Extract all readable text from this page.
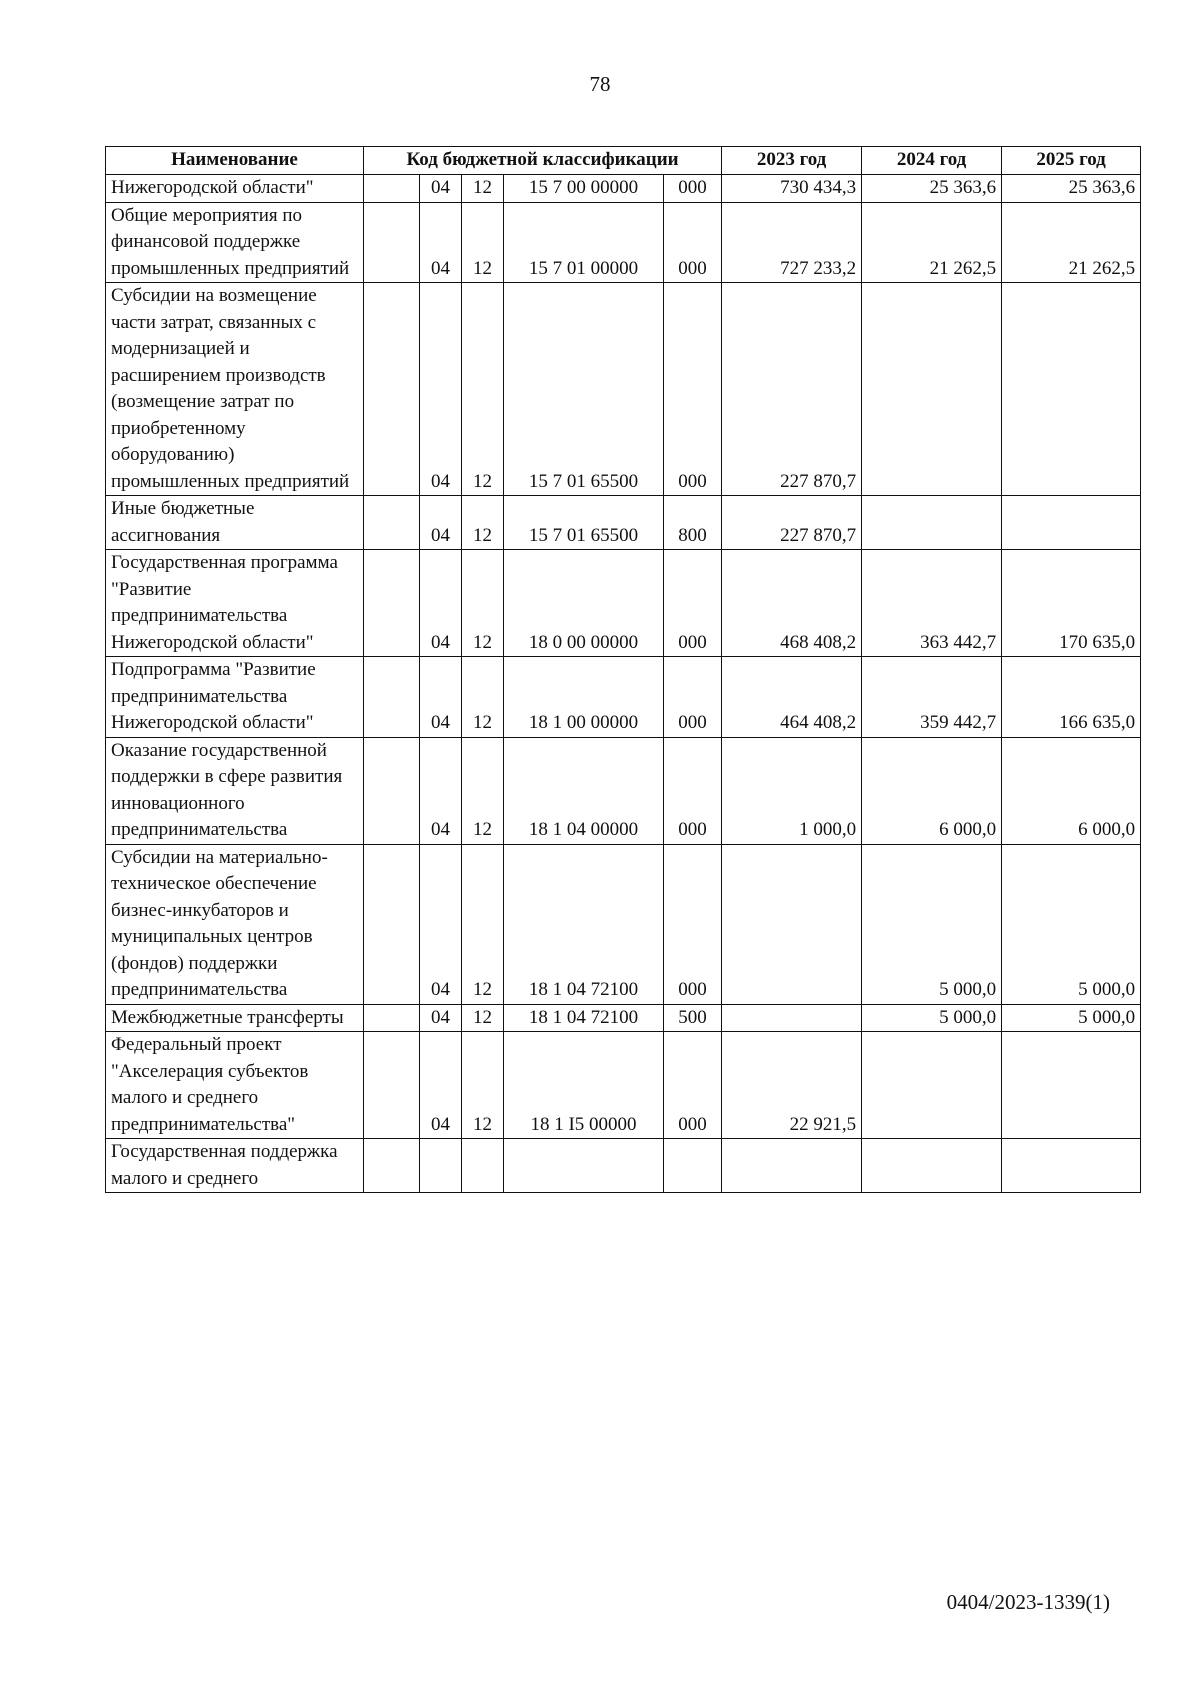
78
Наименование	Код бюджетной классификации					2023 год	2024 год	2025 год
Нижегородской области"		04	12	15 7 00 00000	000	730 434,3	25 363,6	25 363,6
Общие мероприятия по финансовой поддержке промышленных предприятий		04	12	15 7 01 00000	000	727 233,2	21 262,5	21 262,5
Субсидии на возмещение части затрат, связанных с модернизацией и расширением производств (возмещение затрат по приобретенному оборудованию) промышленных предприятий		04	12	15 7 01 65500	000	227 870,7		
Иные бюджетные ассигнования		04	12	15 7 01 65500	800	227 870,7		
Государственная программа "Развитие предпринимательства Нижегородской области"		04	12	18 0 00 00000	000	468 408,2	363 442,7	170 635,0
Подпрограмма "Развитие предпринимательства Нижегородской области"		04	12	18 1 00 00000	000	464 408,2	359 442,7	166 635,0
Оказание государственной поддержки в сфере развития инновационного предпринимательства		04	12	18 1 04 00000	000	1 000,0	6 000,0	6 000,0
Субсидии на материально-техническое обеспечение бизнес-инкубаторов и муниципальных центров (фондов) поддержки предпринимательства		04	12	18 1 04 72100	000		5 000,0	5 000,0
Межбюджетные трансферты		04	12	18 1 04 72100	500		5 000,0	5 000,0
Федеральный проект "Акселерация субъектов малого и среднего предпринимательства"		04	12	18 1 I5 00000	000	22 921,5		
Государственная поддержка малого и среднего								
0404/2023-1339(1)
